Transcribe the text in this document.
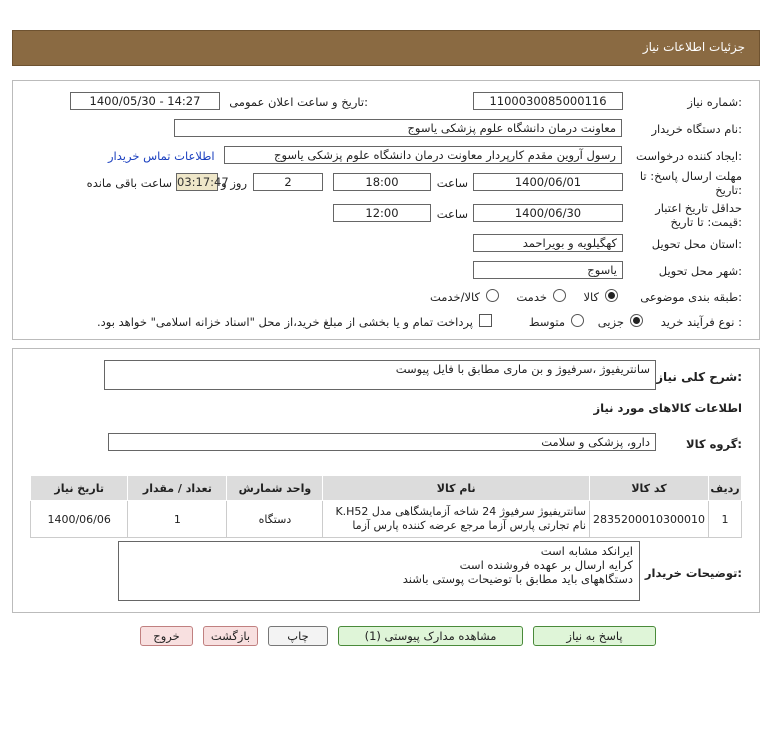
جزئیات اطلاعات نیاز
شماره نیاز:
1100030085000116
تاریخ و ساعت اعلان عمومی:
1400/05/30 - 14:27
نام دستگاه خریدار:
معاونت درمان دانشگاه علوم پزشکی یاسوج
ایجاد کننده درخواست:
رسول آروین مقدم کارپردار معاونت درمان دانشگاه علوم پزشکی یاسوج
اطلاعات تماس خریدار
مهلت ارسال پاسخ: تا
تاریخ:
1400/06/01
ساعت
18:00
2
روز و
03:17:47
ساعت باقی مانده
حداقل تاریخ اعتبار
قیمت: تا تاریخ:
1400/06/30
ساعت
12:00
استان محل تحویل:
کهگیلویه و بویراحمد
شهر محل تحویل:
یاسوج
طبقه بندی موضوعی:
کالا
خدمت
کالا/خدمت
نوع فرآیند خرید :
جزیی
متوسط
پرداخت تمام و یا بخشی از مبلغ خرید،از محل "اسناد خزانه اسلامی" خواهد بود.
شرح کلی نیاز:
سانتریفیوژ ،سرفیوژ و بن ماری مطابق با فایل پیوست
اطلاعات کالاهای مورد نیاز
گروه کالا:
دارو، پزشکی و سلامت
تاریخ نیاز	تعداد / مقدار	واحد شمارش	نام کالا	کد کالا	ردیف
1400/06/06	1	دستگاه	سانتریفیوژ سرفیوژ 24 شاخه آزمایشگاهی مدل K.H52 نام تجارتی پارس آزما مرجع عرضه کننده پارس آزما	2835200010300010	1
توضیحات خریدار:
ایرانکد مشابه است
کرایه ارسال بر عهده فروشنده است
دستگاههای باید مطابق با توضیحات پوستی باشند
پاسخ به نیاز
مشاهده مدارک پیوستی (1)
چاپ
بازگشت
خروج
